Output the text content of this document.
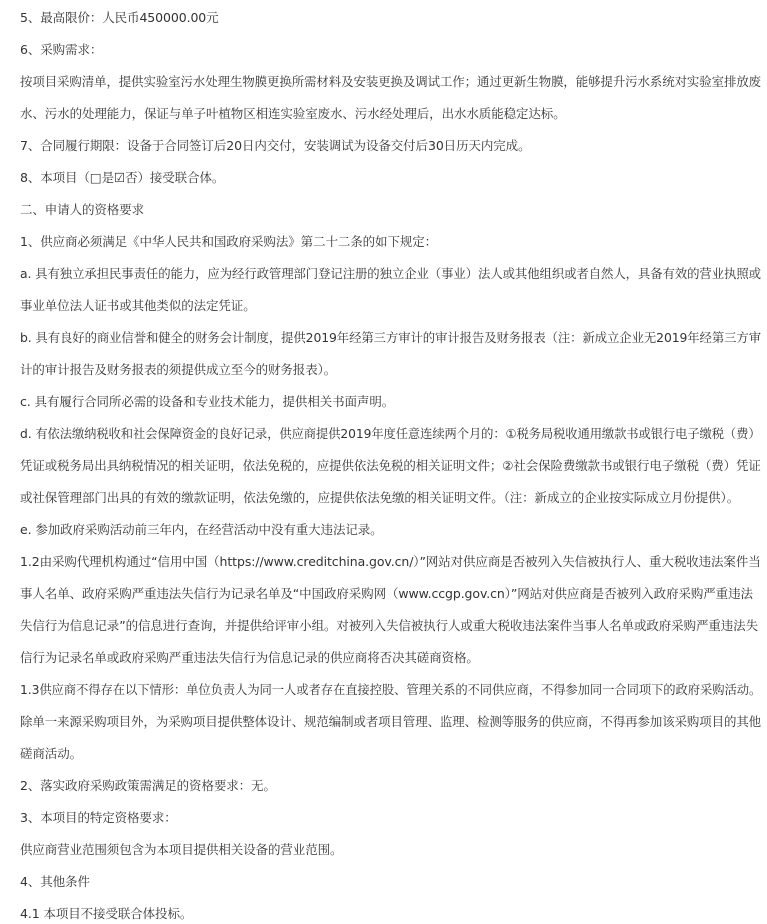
5、最高限价：人民币450000.00元
6、采购需求：
按项目采购清单，提供实验室污水处理生物膜更换所需材料及安装更换及调试工作；通过更新生物膜，能够提升污水系统对实验室排放废
水、污水的处理能力，保证与单子叶植物区相连实验室废水、污水经处理后，出水水质能稳定达标。
7、合同履行期限：设备于合同签订后20日内交付，安装调试为设备交付后30日历天内完成。
8、本项目（□是☑否）接受联合体。
二、申请人的资格要求
1、供应商必须满足《中华人民共和国政府采购法》第二十二条的如下规定：
a. 具有独立承担民事责任的能力，应为经行政管理部门登记注册的独立企业（事业）法人或其他组织或者自然人，具备有效的营业执照或
事业单位法人证书或其他类似的法定凭证。
b. 具有良好的商业信誉和健全的财务会计制度，提供2019年经第三方审计的审计报告及财务报表（注：新成立企业无2019年经第三方审
计的审计报告及财务报表的须提供成立至今的财务报表）。
c. 具有履行合同所必需的设备和专业技术能力，提供相关书面声明。
d. 有依法缴纳税收和社会保障资金的良好记录，供应商提供2019年度任意连续两个月的：①税务局税收通用缴款书或银行电子缴税（费）
凭证或税务局出具纳税情况的相关证明，依法免税的，应提供依法免税的相关证明文件；②社会保险费缴款书或银行电子缴税（费）凭证
或社保管理部门出具的有效的缴款证明，依法免缴的，应提供依法免缴的相关证明文件。（注：新成立的企业按实际成立月份提供）。
e. 参加政府采购活动前三年内，在经营活动中没有重大违法记录。
1.2由采购代理机构通过“信用中国（https://www.creditchina.gov.cn/）”网站对供应商是否被列入失信被执行人、重大税收违法案件当
事人名单、政府采购严重违法失信行为记录名单及“中国政府采购网（www.ccgp.gov.cn）”网站对供应商是否被列入政府采购严重违法
失信行为信息记录”的信息进行查询，并提供给评审小组。对被列入失信被执行人或重大税收违法案件当事人名单或政府采购严重违法失
信行为记录名单或政府采购严重违法失信行为信息记录的供应商将否决其磋商资格。
1.3供应商不得存在以下情形：单位负责人为同一人或者存在直接控股、管理关系的不同供应商，不得参加同一合同项下的政府采购活动。
除单一来源采购项目外，为采购项目提供整体设计、规范编制或者项目管理、监理、检测等服务的供应商，不得再参加该采购项目的其他
磋商活动。
2、落实政府采购政策需满足的资格要求：无。
3、本项目的特定资格要求：
供应商营业范围须包含为本项目提供相关设备的营业范围。
4、其他条件
4.1 本项目不接受联合体投标。
